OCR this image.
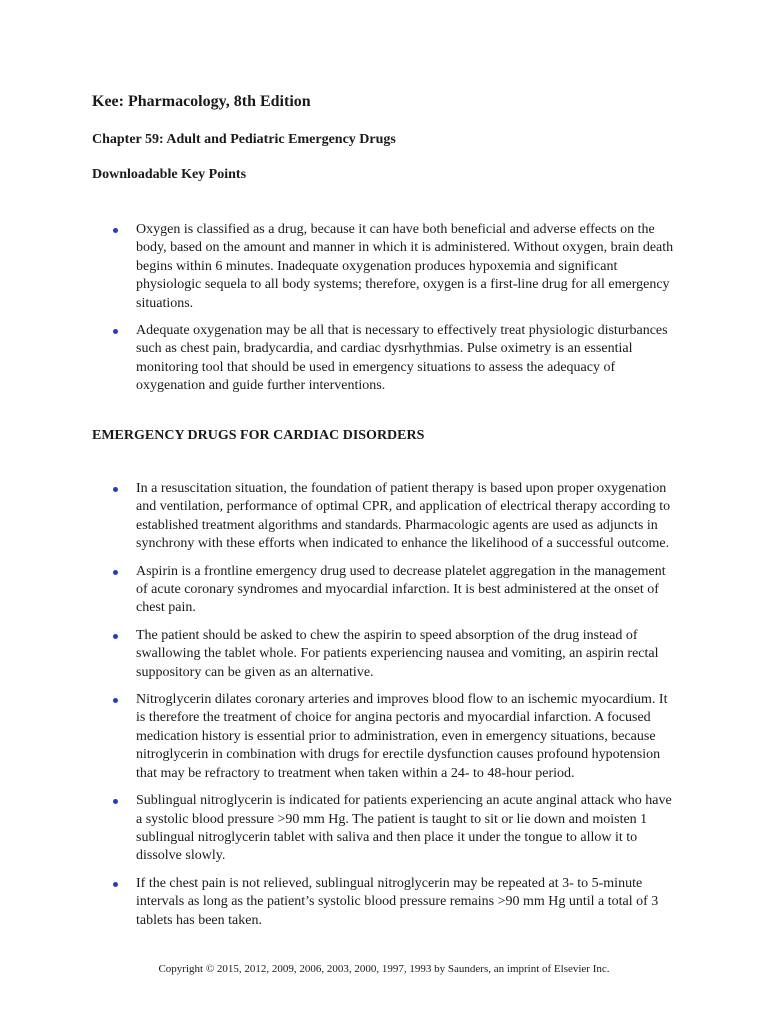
Kee: Pharmacology, 8th Edition
Chapter 59: Adult and Pediatric Emergency Drugs
Downloadable Key Points
Oxygen is classified as a drug, because it can have both beneficial and adverse effects on the body, based on the amount and manner in which it is administered. Without oxygen, brain death begins within 6 minutes. Inadequate oxygenation produces hypoxemia and significant physiologic sequela to all body systems; therefore, oxygen is a first-line drug for all emergency situations.
Adequate oxygenation may be all that is necessary to effectively treat physiologic disturbances such as chest pain, bradycardia, and cardiac dysrhythmias. Pulse oximetry is an essential monitoring tool that should be used in emergency situations to assess the adequacy of oxygenation and guide further interventions.
EMERGENCY DRUGS FOR CARDIAC DISORDERS
In a resuscitation situation, the foundation of patient therapy is based upon proper oxygenation and ventilation, performance of optimal CPR, and application of electrical therapy according to established treatment algorithms and standards. Pharmacologic agents are used as adjuncts in synchrony with these efforts when indicated to enhance the likelihood of a successful outcome.
Aspirin is a frontline emergency drug used to decrease platelet aggregation in the management of acute coronary syndromes and myocardial infarction. It is best administered at the onset of chest pain.
The patient should be asked to chew the aspirin to speed absorption of the drug instead of swallowing the tablet whole. For patients experiencing nausea and vomiting, an aspirin rectal suppository can be given as an alternative.
Nitroglycerin dilates coronary arteries and improves blood flow to an ischemic myocardium. It is therefore the treatment of choice for angina pectoris and myocardial infarction. A focused medication history is essential prior to administration, even in emergency situations, because nitroglycerin in combination with drugs for erectile dysfunction causes profound hypotension that may be refractory to treatment when taken within a 24- to 48-hour period.
Sublingual nitroglycerin is indicated for patients experiencing an acute anginal attack who have a systolic blood pressure >90 mm Hg. The patient is taught to sit or lie down and moisten 1 sublingual nitroglycerin tablet with saliva and then place it under the tongue to allow it to dissolve slowly.
If the chest pain is not relieved, sublingual nitroglycerin may be repeated at 3- to 5-minute intervals as long as the patient’s systolic blood pressure remains >90 mm Hg until a total of 3 tablets has been taken.

Copyright © 2015, 2012, 2009, 2006, 2003, 2000, 1997, 1993 by Saunders, an imprint of Elsevier Inc.
